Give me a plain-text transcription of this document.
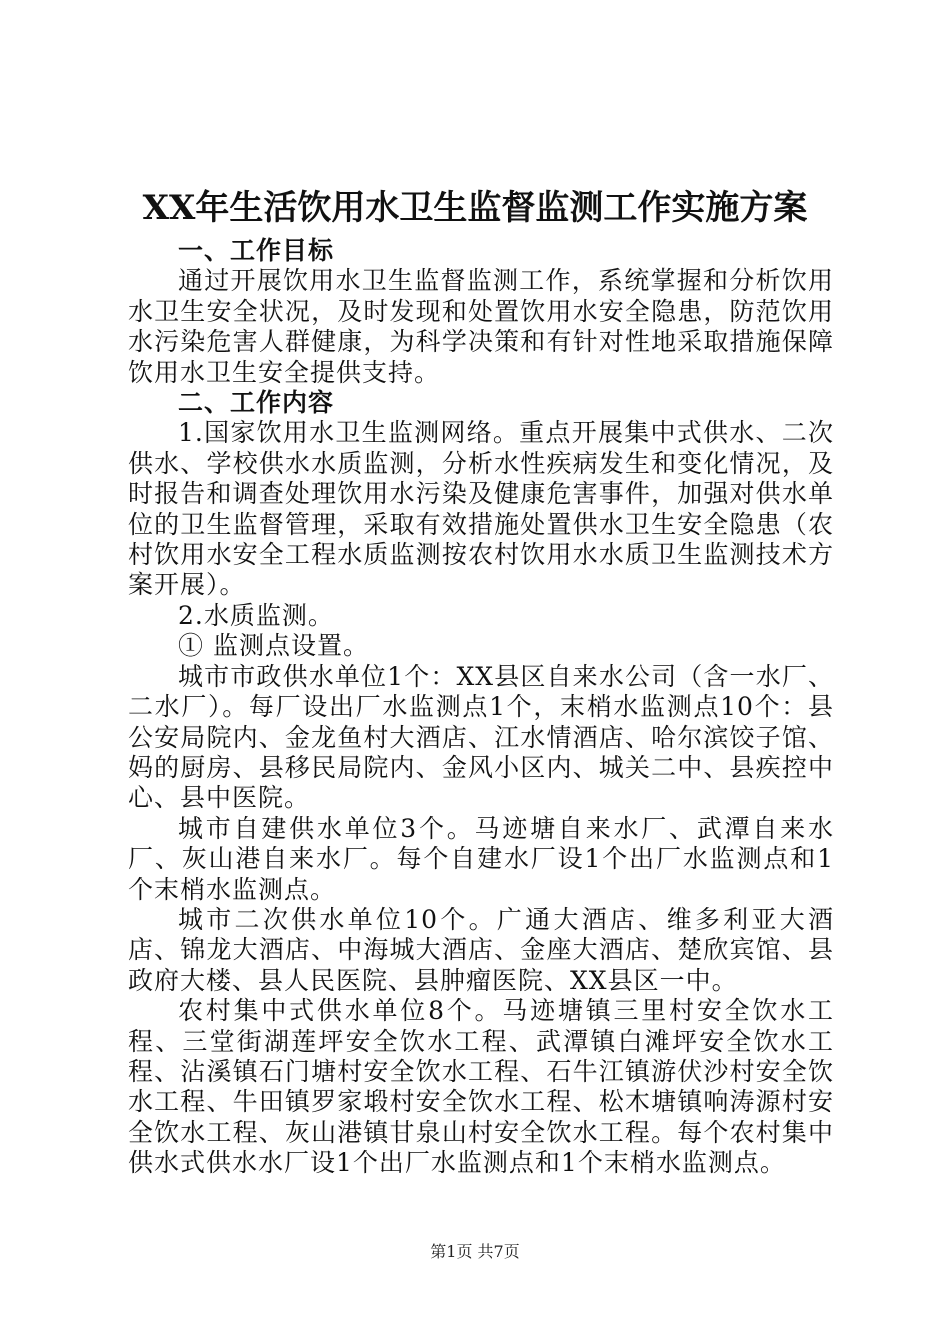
XX年生活饮用水卫生监督监测工作实施方案

一、工作目标

通过开展饮用水卫生监督监测工作，系统掌握和分析饮用水卫生安全状况，及时发现和处置饮用水安全隐患，防范饮用水污染危害人群健康，为科学决策和有针对性地采取措施保障饮用水卫生安全提供支持。

二、工作内容

1.国家饮用水卫生监测网络。重点开展集中式供水、二次供水、学校供水水质监测，分析水性疾病发生和变化情况，及时报告和调查处理饮用水污染及健康危害事件，加强对供水单位的卫生监督管理，采取有效措施处置供水卫生安全隐患（农村饮用水安全工程水质监测按农村饮用水水质卫生监测技术方案开展）。

2.水质监测。

① 监测点设置。

城市市政供水单位1个：XX县区自来水公司（含一水厂、二水厂）。每厂设出厂水监测点1个，末梢水监测点10个：县公安局院内、金龙鱼村大酒店、江水情酒店、哈尔滨饺子馆、妈的厨房、县移民局院内、金风小区内、城关二中、县疾控中心、县中医院。

城市自建供水单位3个。马迹塘自来水厂、武潭自来水厂、灰山港自来水厂。每个自建水厂设1个出厂水监测点和1个末梢水监测点。

城市二次供水单位10个。广通大酒店、维多利亚大酒店、锦龙大酒店、中海城大酒店、金座大酒店、楚欣宾馆、县政府大楼、县人民医院、县肿瘤医院、XX县区一中。

农村集中式供水单位8个。马迹塘镇三里村安全饮水工程、三堂街湖莲坪安全饮水工程、武潭镇白滩坪安全饮水工程、沾溪镇石门塘村安全饮水工程、石牛江镇游伏沙村安全饮水工程、牛田镇罗家塅村安全饮水工程、松木塘镇响涛源村安全饮水工程、灰山港镇甘泉山村安全饮水工程。每个农村集中供水式供水水厂设1个出厂水监测点和1个末梢水监测点。

第1页 共7页
